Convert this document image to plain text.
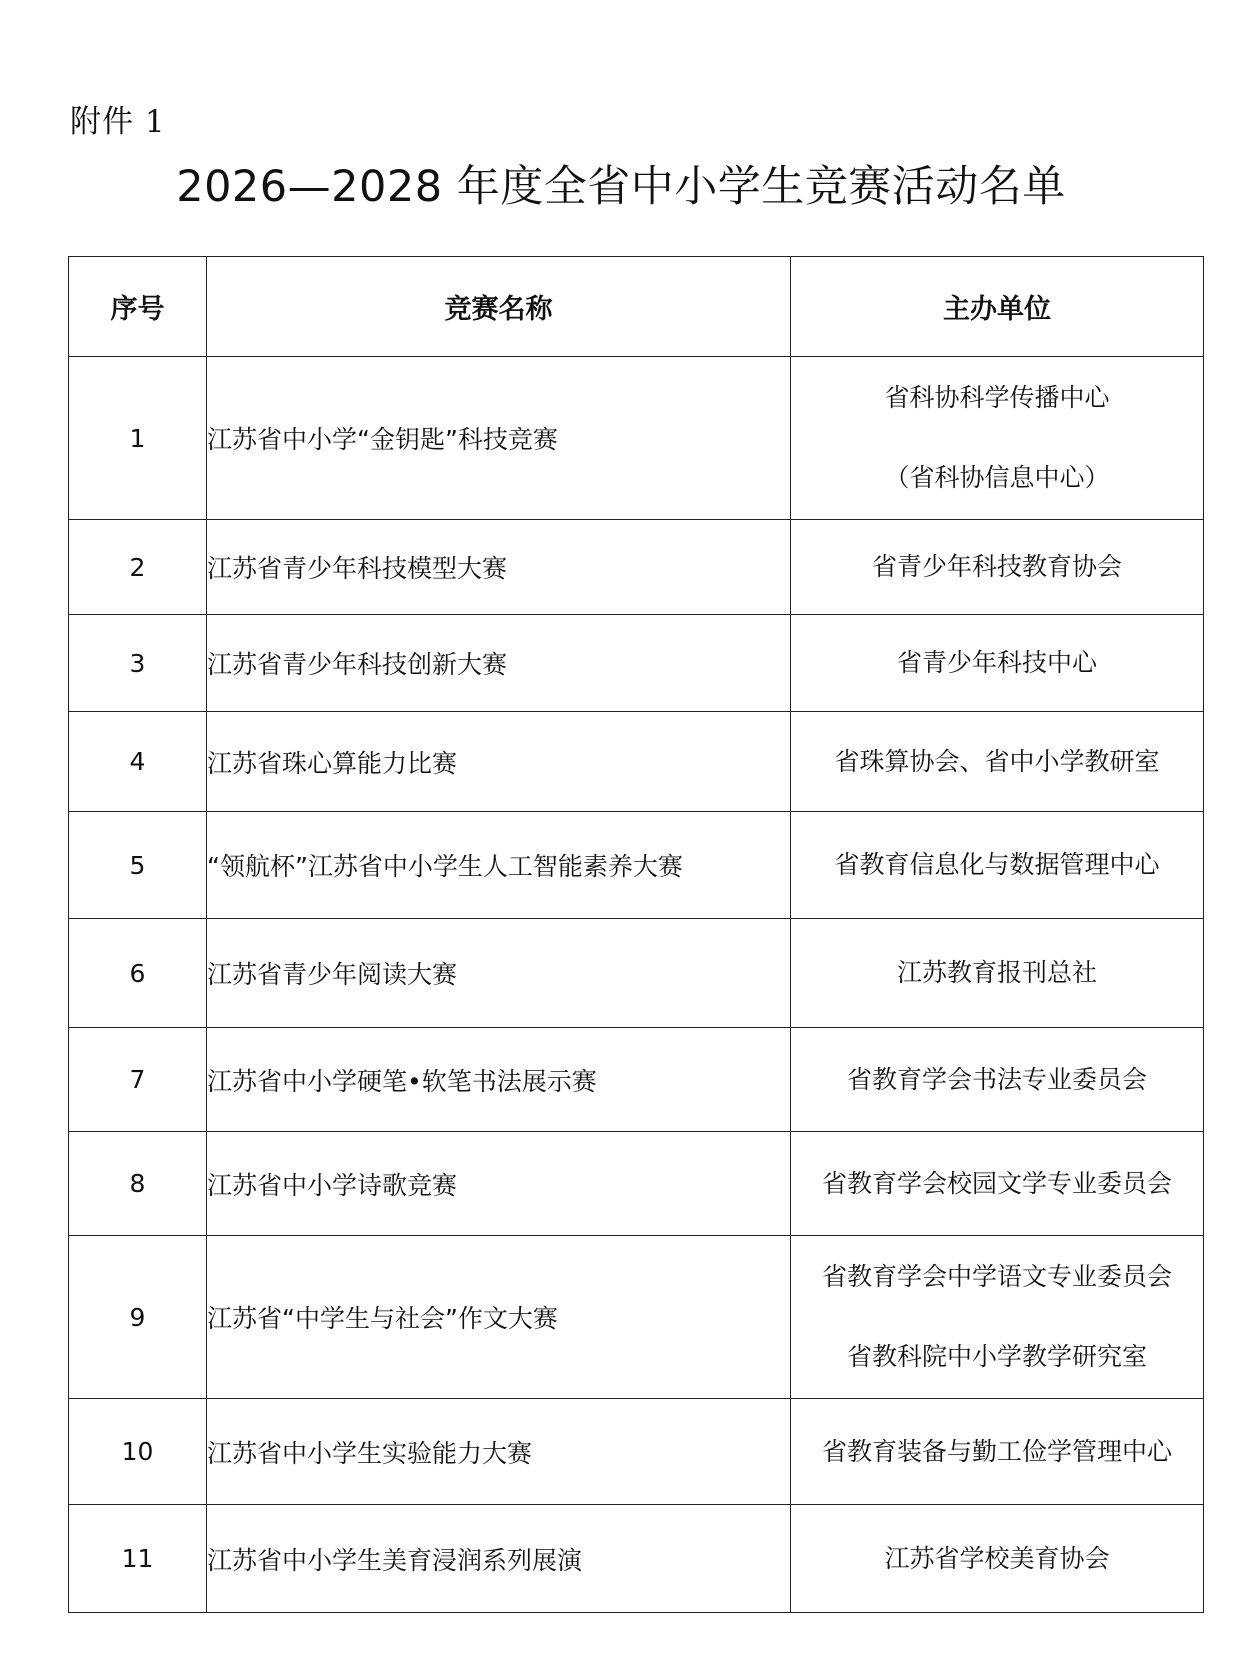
附件 1
2026—2028 年度全省中小学生竞赛活动名单
序号	竞赛名称	主办单位
1	江苏省中小学“金钥匙”科技竞赛	省科协科学传播中心
（省科协信息中心）

2	江苏省青少年科技模型大赛	省青少年科技教育协会

3	江苏省青少年科技创新大赛	省青少年科技中心

4	江苏省珠心算能力比赛	省珠算协会、省中小学教研室

5	“领航杯”江苏省中小学生人工智能素养大赛	省教育信息化与数据管理中心

6	江苏省青少年阅读大赛	江苏教育报刊总社

7	江苏省中小学硬笔•软笔书法展示赛	省教育学会书法专业委员会

8	江苏省中小学诗歌竞赛	省教育学会校园文学专业委员会

9	江苏省“中学生与社会”作文大赛	省教育学会中学语文专业委员会
省教科院中小学教学研究室

10	江苏省中小学生实验能力大赛	省教育装备与勤工俭学管理中心

11	江苏省中小学生美育浸润系列展演	江苏省学校美育协会
